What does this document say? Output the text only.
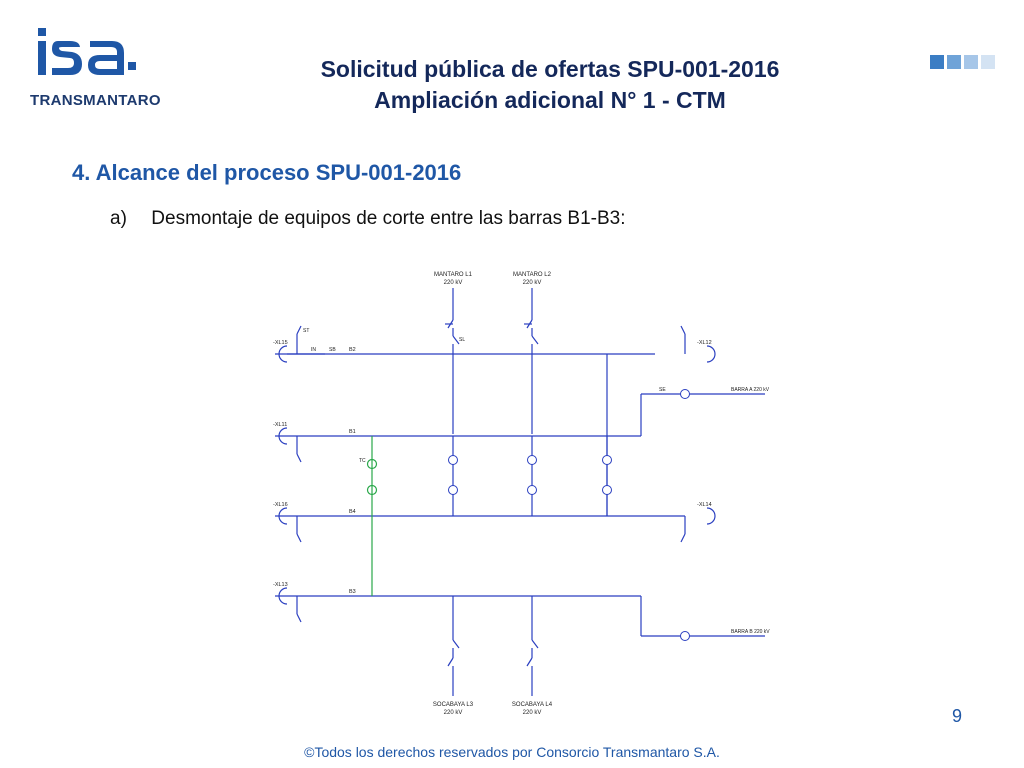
TRANSMANTARO
Solicitud pública de ofertas SPU-001-2016
Ampliación adicional N° 1 - CTM
4. Alcance del proceso SPU-001-2016
a) Desmontaje de equipos de corte entre las barras B1-B3:
MANTARO L1
220 kV
MANTARO L2
220 kV
B2
B1
B4
B3
-XL15
-XL11
-XL16
-XL13
-XL12
-XL14
IN	SB
TC
SE
ST
SL
BARRA A 220 kV
BARRA B 220 kV
SOCABAYA L3
220 kV
SOCABAYA L4
220 kV	9
©Todos los derechos reservados por Consorcio Transmantaro S.A.
